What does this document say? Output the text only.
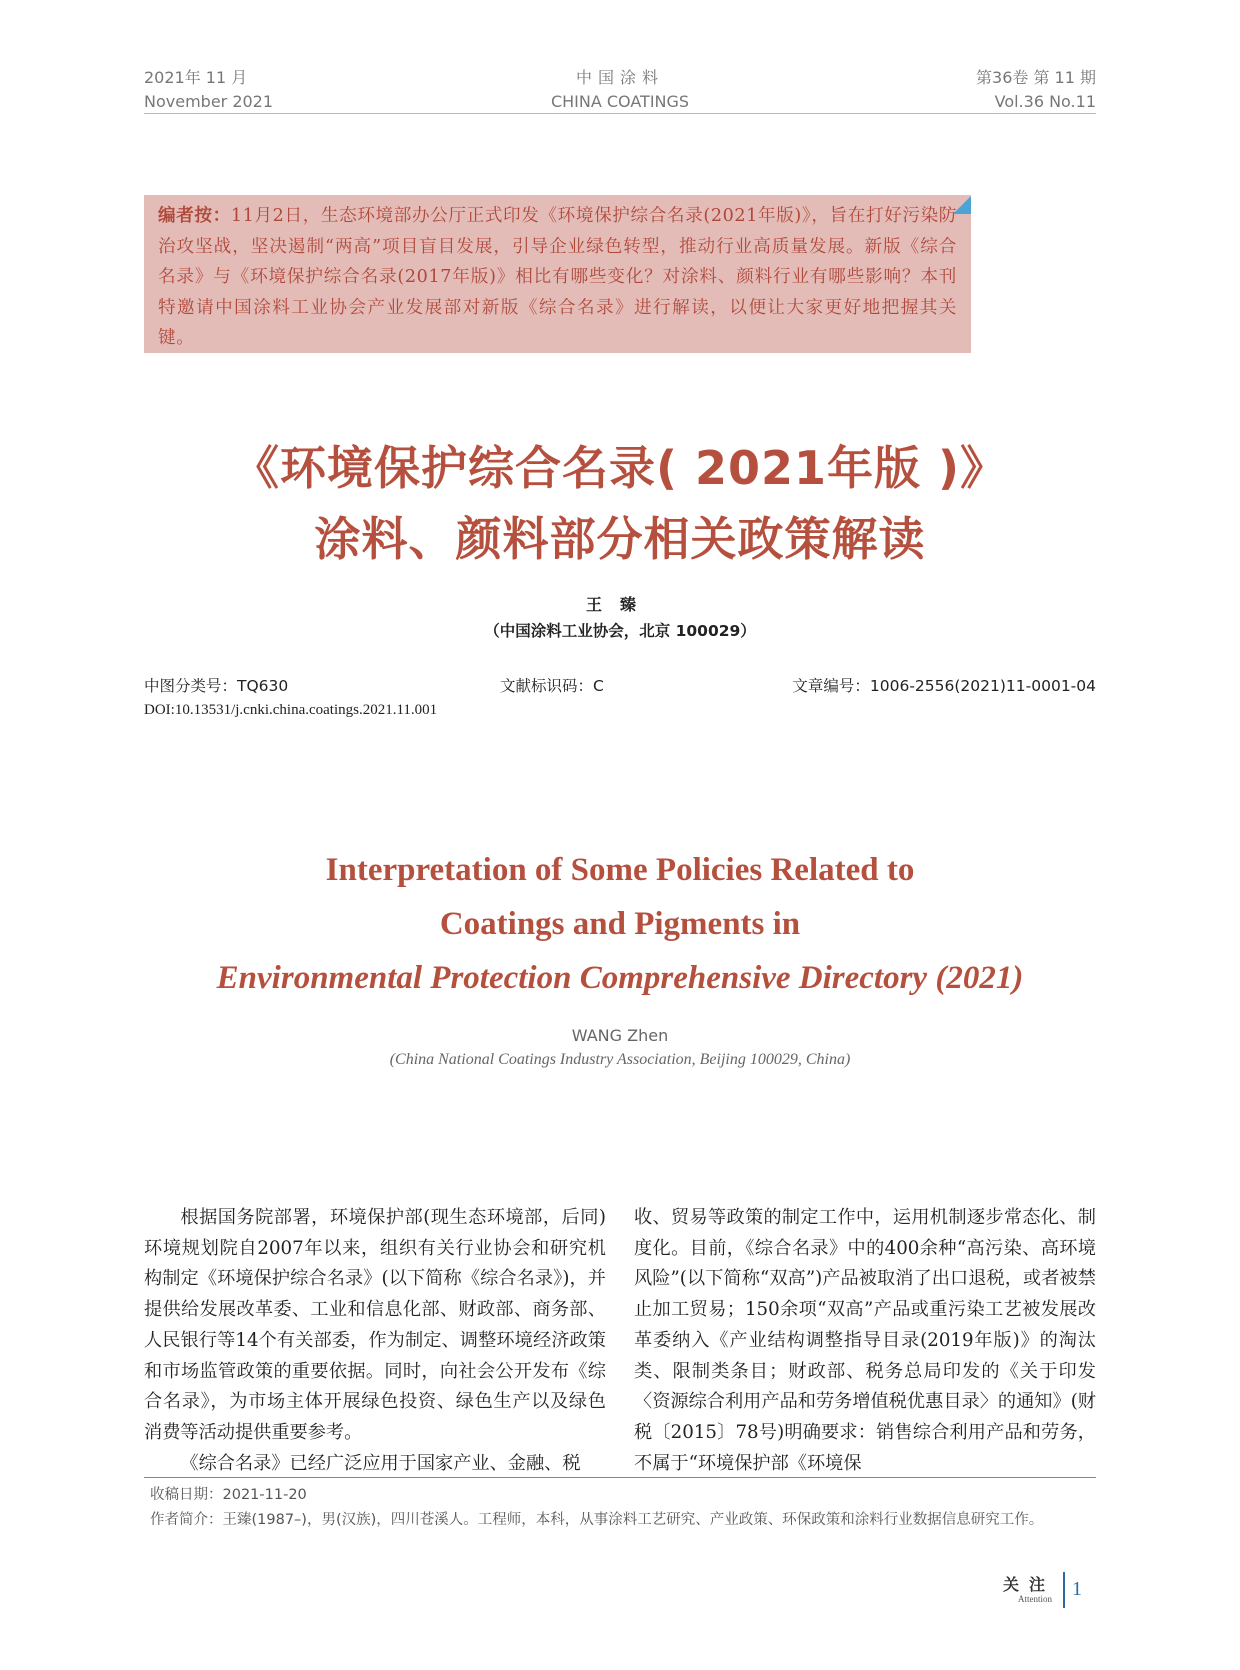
2021年 11 月
November 2021
中国涂料
CHINA COATINGS
第36卷 第 11 期
Vol.36 No.11
编者按：11月2日，生态环境部办公厅正式印发《环境保护综合名录(2021年版)》，旨在打好污染防治攻坚战，坚决遏制“两高”项目盲目发展，引导企业绿色转型，推动行业高质量发展。新版《综合名录》与《环境保护综合名录(2017年版)》相比有哪些变化？对涂料、颜料行业有哪些影响？本刊特邀请中国涂料工业协会产业发展部对新版《综合名录》进行解读，以便让大家更好地把握其关键。
《环境保护综合名录( 2021年版 )》
涂料、颜料部分相关政策解读
王臻
（中国涂料工业协会，北京 100029）
中图分类号：TQ630	文献标识码：C	文章编号：1006-2556(2021)11-0001-04
DOI:10.13531/j.cnki.china.coatings.2021.11.001
Interpretation of Some Policies Related to
Coatings and Pigments in
Environmental Protection Comprehensive Directory (2021)
WANG Zhen
(China National Coatings Industry Association, Beijing 100029, China)

根据国务院部署，环境保护部(现生态环境部，后同)环境规划院自2007年以来，组织有关行业协会和研究机构制定《环境保护综合名录》(以下简称《综合名录》)，并提供给发展改革委、工业和信息化部、财政部、商务部、人民银行等14个有关部委，作为制定、调整环境经济政策和市场监管政策的重要依据。同时，向社会公开发布《综合名录》，为市场主体开展绿色投资、绿色生产以及绿色消费等活动提供重要参考。

《综合名录》已经广泛应用于国家产业、金融、税

收、贸易等政策的制定工作中，运用机制逐步常态化、制度化。目前，《综合名录》中的400余种“高污染、高环境风险”(以下简称“双高”)产品被取消了出口退税，或者被禁止加工贸易；150余项“双高”产品或重污染工艺被发展改革委纳入《产业结构调整指导目录(2019年版)》的淘汰类、限制类条目；财政部、税务总局印发的《关于印发〈资源综合利用产品和劳务增值税优惠目录〉的通知》(财税〔2015〕78号)明确要求：销售综合利用产品和劳务，不属于“环境保护部《环境保

收稿日期：2021-11-20
作者简介：王臻(1987–)，男(汉族)，四川苍溪人。工程师，本科，从事涂料工艺研究、产业政策、环保政策和涂料行业数据信息研究工作。
关注
Attention 1
